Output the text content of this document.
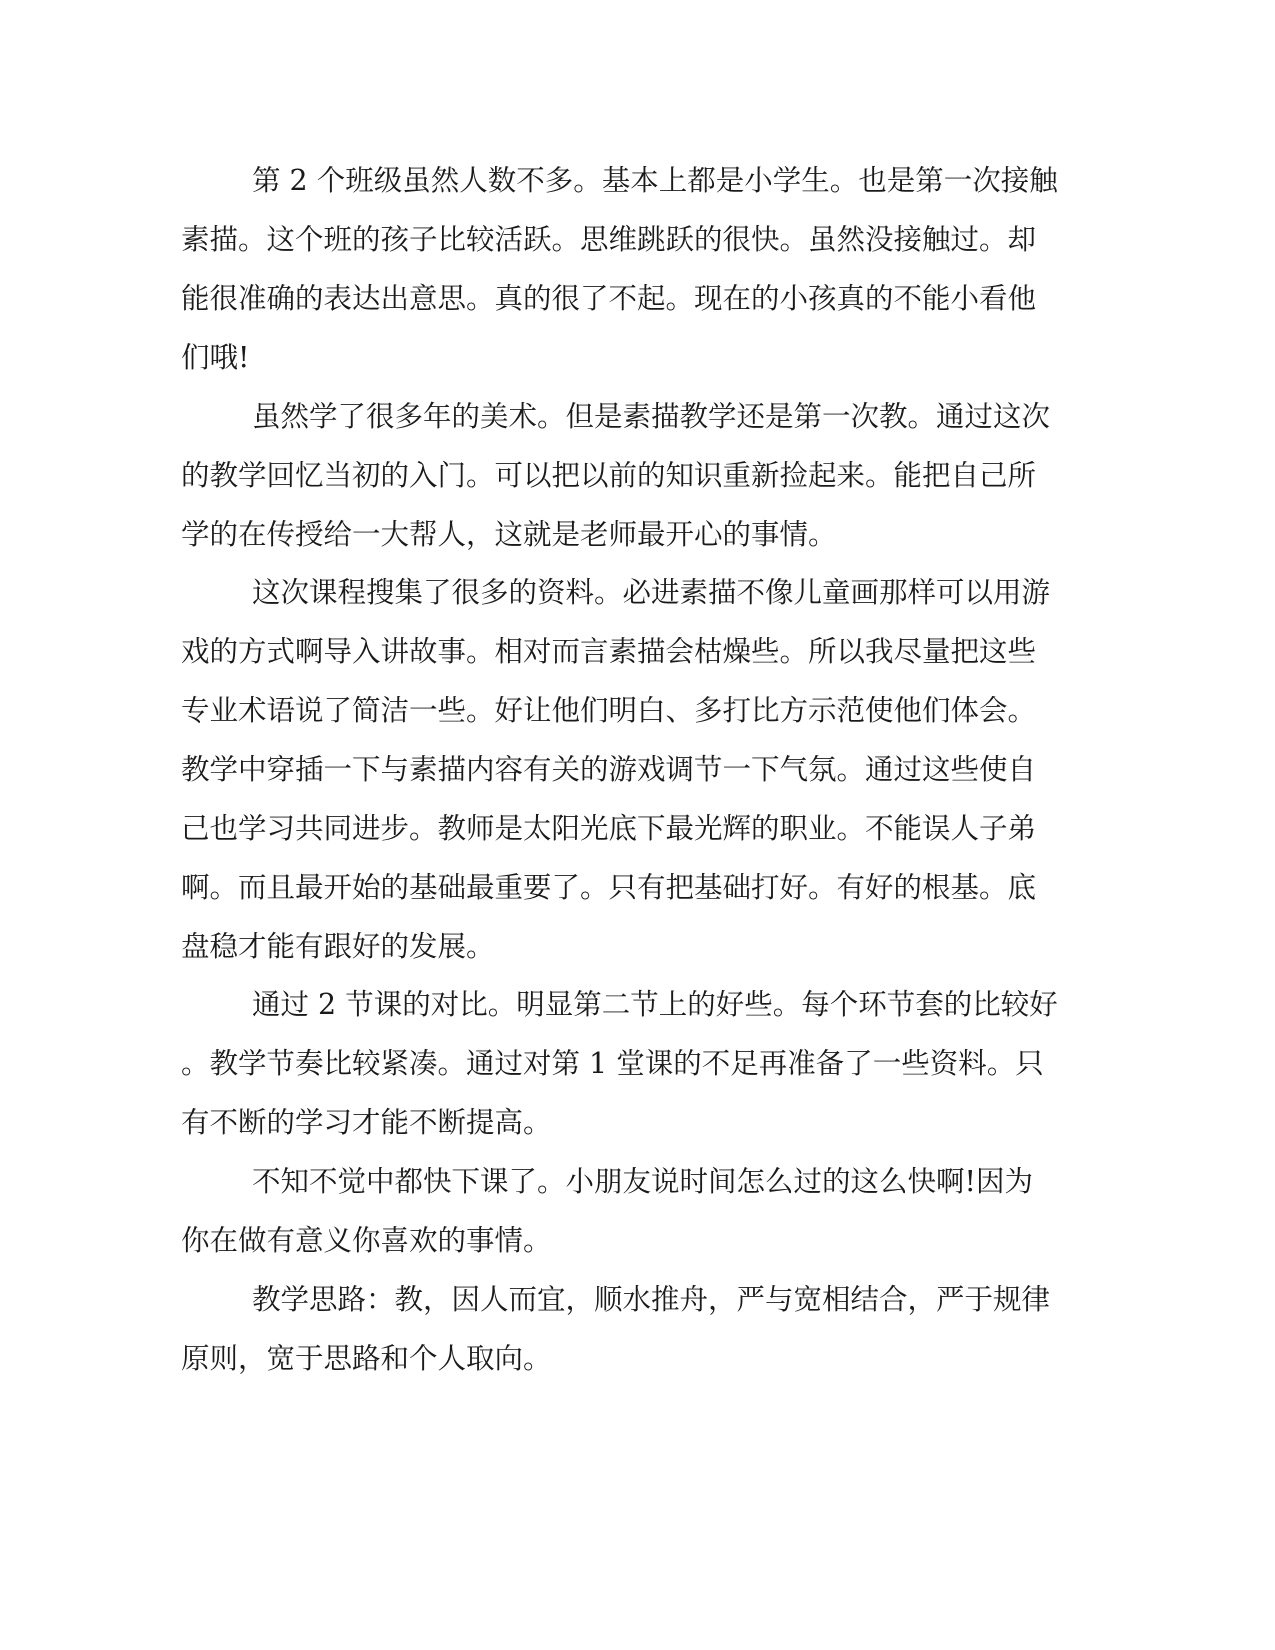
第 2 个班级虽然人数不多。基本上都是小学生。也是第一次接触

素描。这个班的孩子比较活跃。思维跳跃的很快。虽然没接触过。却

能很准确的表达出意思。真的很了不起。现在的小孩真的不能小看他

们哦!

虽然学了很多年的美术。但是素描教学还是第一次教。通过这次

的教学回忆当初的入门。可以把以前的知识重新捡起来。能把自己所

学的在传授给一大帮人，这就是老师最开心的事情。

这次课程搜集了很多的资料。必进素描不像儿童画那样可以用游

戏的方式啊导入讲故事。相对而言素描会枯燥些。所以我尽量把这些

专业术语说了简洁一些。好让他们明白、多打比方示范使他们体会。

教学中穿插一下与素描内容有关的游戏调节一下气氛。通过这些使自

己也学习共同进步。教师是太阳光底下最光辉的职业。不能误人子弟

啊。而且最开始的基础最重要了。只有把基础打好。有好的根基。底

盘稳才能有跟好的发展。

通过 2 节课的对比。明显第二节上的好些。每个环节套的比较好

。教学节奏比较紧凑。通过对第 1 堂课的不足再准备了一些资料。只

有不断的学习才能不断提高。

不知不觉中都快下课了。小朋友说时间怎么过的这么快啊!因为

你在做有意义你喜欢的事情。

教学思路：教，因人而宜，顺水推舟，严与宽相结合，严于规律

原则，宽于思路和个人取向。
